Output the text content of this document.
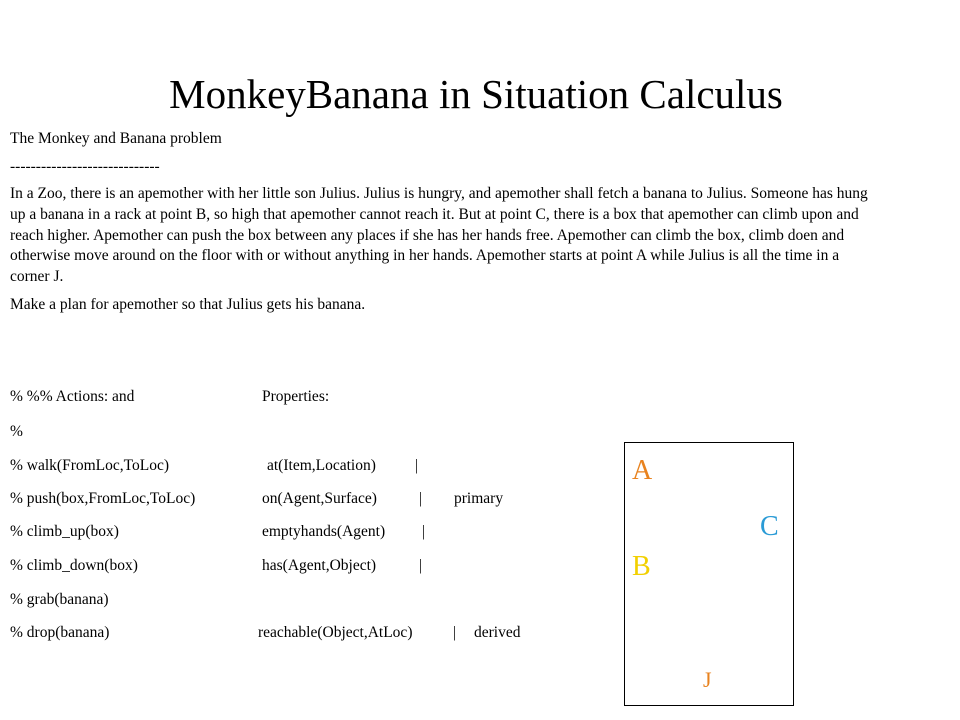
MonkeyBanana in Situation Calculus

The Monkey and Banana problem

-----------------------------

In a Zoo, there is an apemother with her little son Julius. Julius is hungry, and apemother shall fetch a banana to Julius. Someone has hung up a banana in a rack at point B, so high that apemother cannot reach it. But at point C, there is a box that apemother can climb upon and reach higher. Apemother can push the box between any places if she has her hands free. Apemother can climb the box, climb doen and otherwise move around on the floor with or without anything in her hands. Apemother starts at point A while Julius is all the time in a corner J.

Make a plan for apemother so that Julius gets his banana.

% %% Actions: and	Properties:
%
% walk(FromLoc,ToLoc)	at(Item,Location)	|
% push(box,FromLoc,ToLoc)	on(Agent,Surface)	| primary
% climb_up(box)	emptyhands(Agent) |
% climb_down(box)	has(Agent,Object)	|
% grab(banana)
% drop(banana)	reachable(Object,AtLoc)	| derived
A
C
B
J
